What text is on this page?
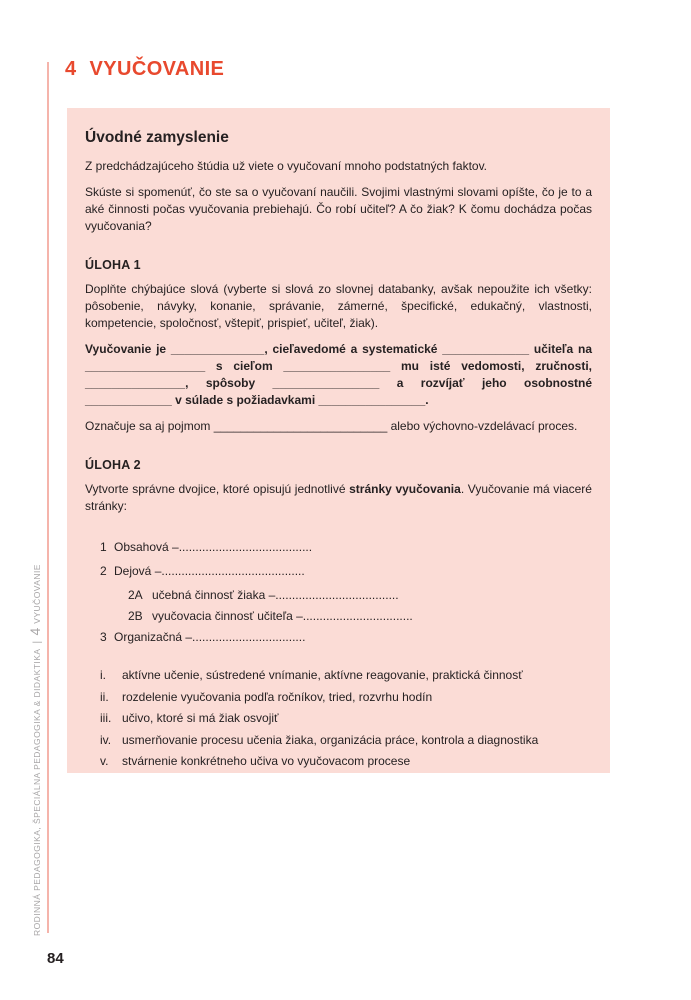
4 VYUČOVANIE
Úvodné zamyslenie

Z predchádzajúceho štúdia už viete o vyučovaní mnoho podstatných faktov.

Skúste si spomenúť, čo ste sa o vyučovaní naučili. Svojimi vlastnými slovami opíšte, čo je to a aké činnosti počas vyučovania prebiehajú. Čo robí učiteľ? A čo žiak? K čomu dochádza počas vyučovania?

ÚLOHA 1

Doplňte chýbajúce slová (vyberte si slová zo slovnej databanky, avšak nepoužite ich všetky: pôsobenie, návyky, konanie, správanie, zámerné, špecifické, edukačný, vlastnosti, kompetencie, spoločnosť, vštepiť, prispieť, učiteľ, žiak).

Vyučovanie je ______________, cieľavedomé a systematické _____________ učiteľa na __________________ s cieľom ________________ mu isté vedomosti, zručnosti, _______________, spôsoby ________________ a rozvíjať jeho osobnostné _____________ v súlade s požiadavkami ________________.

Označuje sa aj pojmom __________________________ alebo výchovno-vzdelávací proces.

ÚLOHA 2

Vytvorte správne dvojice, ktoré opisujú jednotlivé stránky vyučovania. Vyučovanie má viaceré stránky:

1 Obsahová –........................................
2 Dejová –...........................................
2A učebná činnosť žiaka –.....................................
2B vyučovacia činnosť učiteľa –.................................
3 Organizačná –..................................
i. aktívne učenie, sústredené vnímanie, aktívne reagovanie, praktická činnosť
ii. rozdelenie vyučovania podľa ročníkov, tried, rozvrhu hodín
iii. učivo, ktoré si má žiak osvojiť
iv. usmerňovanie procesu učenia žiaka, organizácia práce, kontrola a diagnostika
v. stvárnenie konkrétneho učiva vo vyučovacom procese
RODINNÁ PEDAGOGIKA, ŠPECIÁLNA PEDAGOGIKA & DIDAKTIKA|4VYUČOVANIE
84
